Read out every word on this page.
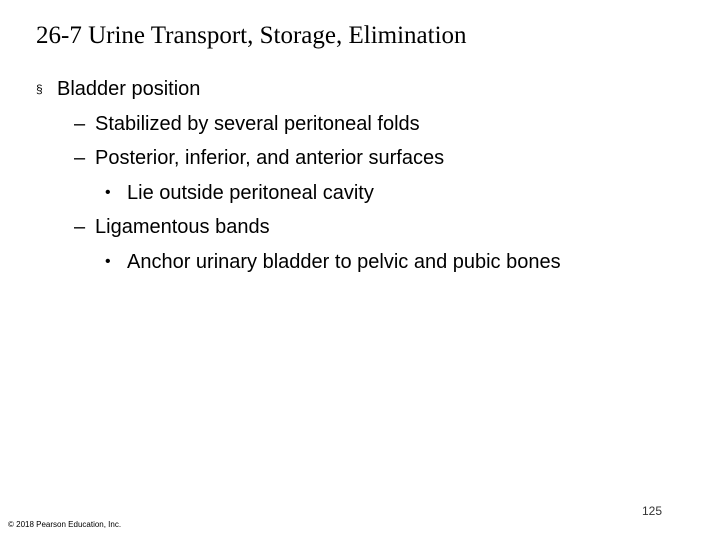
26-7 Urine Transport, Storage, Elimination
§ Bladder position
– Stabilized by several peritoneal folds
– Posterior, inferior, and anterior surfaces
• Lie outside peritoneal cavity
– Ligamentous bands
• Anchor urinary bladder to pelvic and pubic bones
125
© 2018 Pearson Education, Inc.
